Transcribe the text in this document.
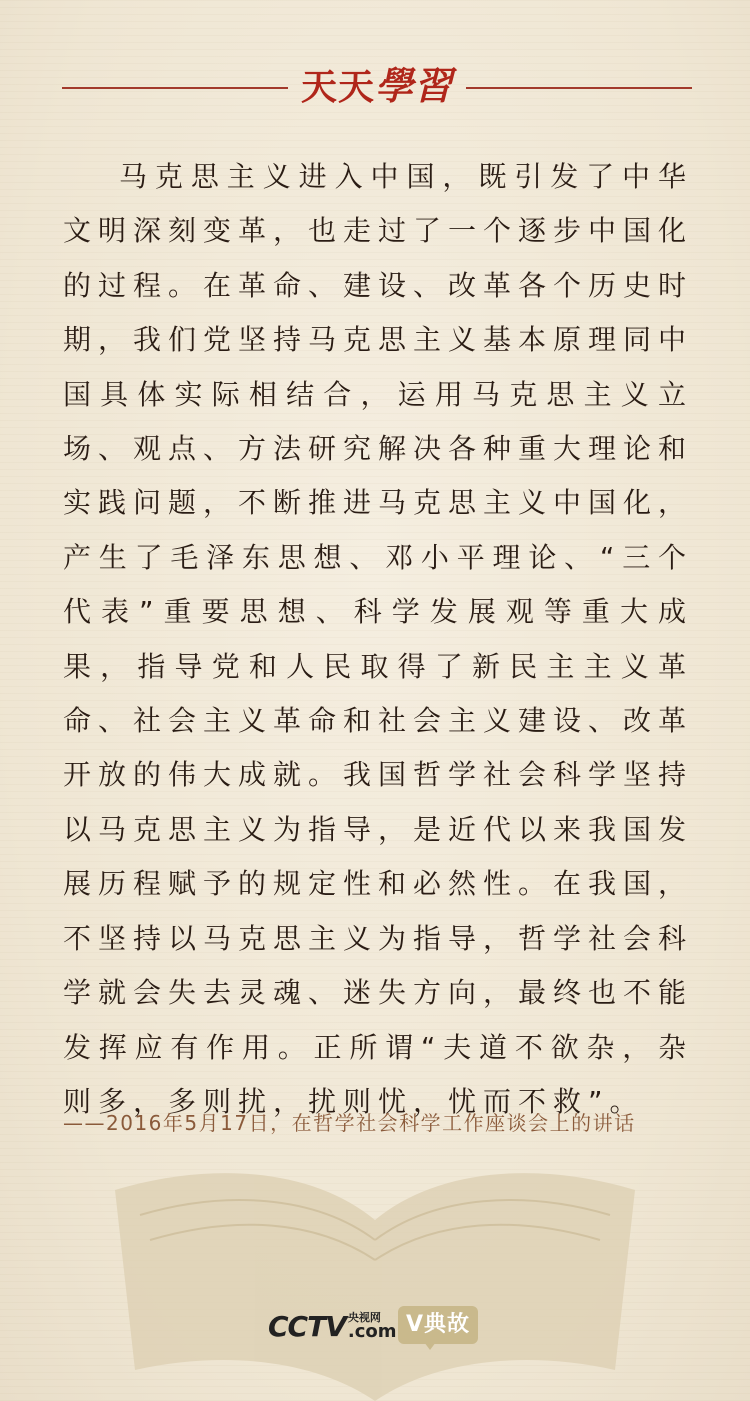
天天學習

马克思主义进入中国，既引发了中华文明深刻变革，也走过了一个逐步中国化的过程。在革命、建设、改革各个历史时期，我们党坚持马克思主义基本原理同中国具体实际相结合，运用马克思主义立场、观点、方法研究解决各种重大理论和实践问题，不断推进马克思主义中国化，产生了毛泽东思想、邓小平理论、“三个代表”重要思想、科学发展观等重大成果，指导党和人民取得了新民主主义革命、社会主义革命和社会主义建设、改革开放的伟大成就。我国哲学社会科学坚持以马克思主义为指导，是近代以来我国发展历程赋予的规定性和必然性。在我国，不坚持以马克思主义为指导，哲学社会科学就会失去灵魂、迷失方向，最终也不能发挥应有作用。正所谓“夫道不欲杂，杂则多，多则扰，扰则忧，忧而不救”。

——2016年5月17日，在哲学社会科学工作座谈会上的讲话

CCTV 央视网
.com V典故
